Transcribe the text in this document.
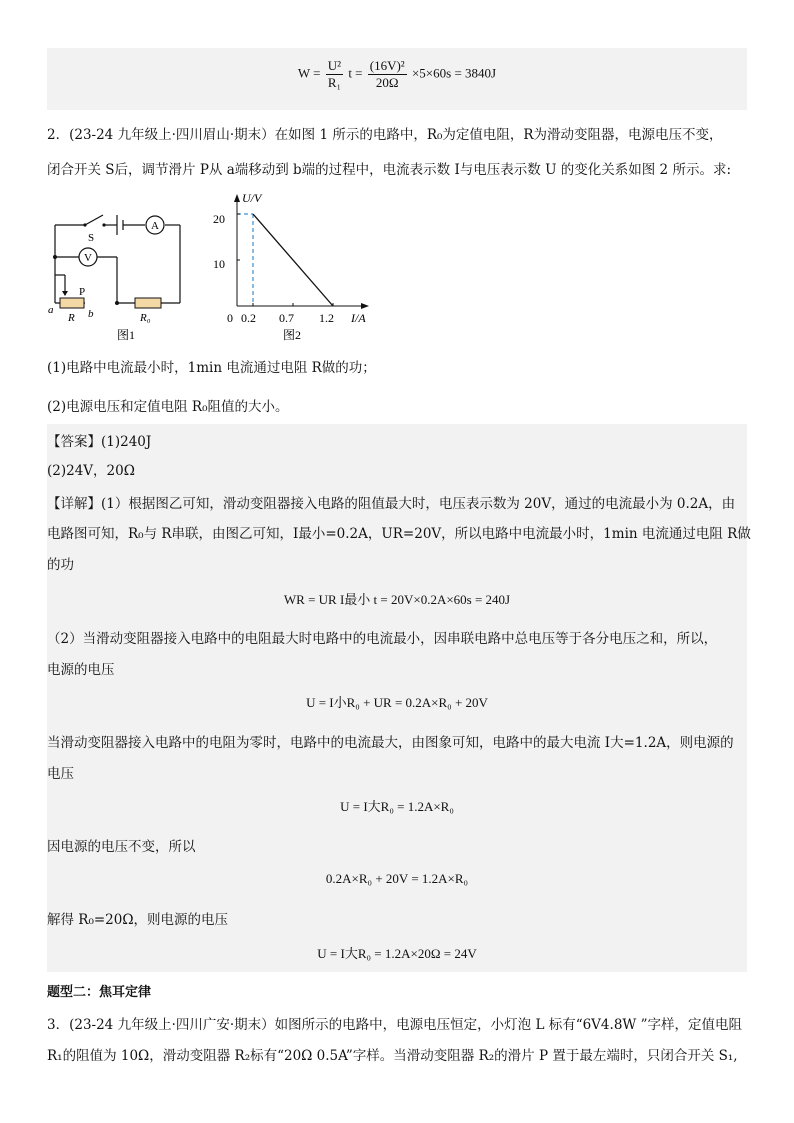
$W = \frac{\text{U²}}{\text{R₁}}$ $t = \frac{\text{(16V)²}}{20\Omega} \times 5\times 60s = 3840J$
2．(23-24 九年级上·四川眉山·期末）在如图 1 所示的电路中，R₀为定值电阻，R为滑动变阻器，电源电压不变，
闭合开关 S后，调节滑片 P从 a端移动到 b端的过程中，电流表示数 I与电压表示数 U 的变化关系如图 2 所示。求:
A
V
S
P
a	b
R	R₀
图1
20
10
U/V
0 0.2 0.7 1.2 I/A
图2
(1)电路中电流最小时，1min 电流通过电阻 R做的功；
(2)电源电压和定值电阻 R₀阻值的大小。
【答案】(1)240J
(2)24V，20Ω
【详解】(1）根据图乙可知，滑动变阻器接入电路的阻值最大时，电压表示数为 20V，通过的电流最小为 0.2A，由
电路图可知，R₀与 R串联，由图乙可知，I最小=0.2A，UR=20V，所以电路中电流最小时，1min 电流通过电阻 R做
的功
WR = UR I最小 t = 20V×0.2A×60s = 240J
（2）当滑动变阻器接入电路中的电阻最大时电路中的电流最小，因串联电路中总电压等于各分电压之和，所以，
电源的电压
U = I小R₀ + UR = 0.2A×R₀ + 20V
当滑动变阻器接入电路中的电阻为零时，电路中的电流最大，由图象可知，电路中的最大电流 I大=1.2A，则电源的
电压
U = I大R₀ = 1.2A×R₀
因电源的电压不变，所以
0.2A×R₀ + 20V = 1.2A×R₀
解得 R₀=20Ω，则电源的电压
U = I大R₀ = 1.2A×20Ω = 24V
题型二：焦耳定律
3．(23-24 九年级上·四川广安·期末）如图所示的电路中，电源电压恒定，小灯泡 L 标有“6V4.8W ”字样，定值电阻
R₁的阻值为 10Ω，滑动变阻器 R₂标有“20Ω 0.5A”字样。当滑动变阻器 R₂的滑片 P 置于最左端时，只闭合开关 S₁,
